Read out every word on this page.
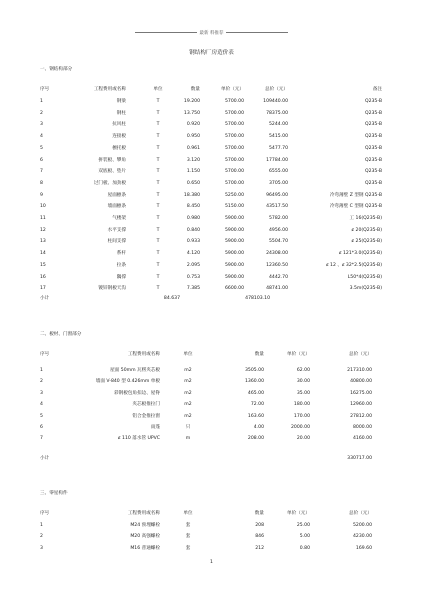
最新 料推荐
钢结构厂房造价表
一、钢结构部分
序号	工程费用或名称	单位	数量	单价（元）	总价（元）	备注
1	钢梁	T	19.200	5700.00	109440.00	Q235-B
2	钢柱	T	13.750	5700.00	78375.00	Q235-B
3	抗风柱	T	0.920	5700.00	5244.00	Q235-B
4	连接板	T	0.950	5700.00	5415.00	Q235-B
5	檩托板	T	0.961	5700.00	5477.70	Q235-B
6	拼装板、攀角	T	3.120	5700.00	17784.00	Q235-B
7	双底板、垫片	T	1.150	5700.00	6555.00	Q235-B
8	过门板、加劲板	T	0.650	5700.00	3705.00	Q235-B
9	屋面檩条	T	18.380	5250.00	96495.00	冷弯薄壁 Z 型钢 Q235-B
10	墙面檩条	T	8.450	5150.00	43517.50	冷弯薄壁 C 型钢 Q235-B
11	气楼架	T	0.980	5900.00	5782.00	工 16(Q235-B)
12	水平支撑	T	0.840	5900.00	4956.00	ȼ 20(Q235-B)
13	柱间支撑	T	0.933	5900.00	5504.70	ȼ 25(Q235-B)
14	系杆	T	4.120	5900.00	24308.00	ȼ 121*3.0(Q235-B)
15	拉条	T	2.095	5900.00	12360.50	ȼ 12 、ȼ 32*2.5(Q235-B)
16	隅撑	T	0.753	5900.00	4442.70	L50*4(Q235-B)
17	镀锌钢板天沟	T	7.385	6600.00	48741.00	3.5m(Q235-B)
小计	84.637	478103.10
二、板材、门窗部分
序号	工程费用或名称	单位	数量	单价（元）	总价（元）
1	屋面 50mm 瓦楞夹芯板	m2	3505.00	62.00	217310.00
2	墙面 V-840 型 0.426mm 单板	m2	1360.00	30.00	40800.00
3	彩钢板包角扣边、屋脊	m2	465.00	35.00	16275.00
4	夹芯板推拉门	m2	72.00	180.00	12960.00
5	铝合金推拉窗	m2	163.60	170.00	27812.00
6	雨蓬	只	4.00	2000.00	8000.00
7	ȼ 110 落水管 UPVC	m	208.00	20.00	4160.00
小计	330717.00
三、零星构件
序号	工程费用或名称	单位	数量	单价（元）	总价（元）
1	M24 预埋螺栓	套	208	25.00	5200.00
2	M20 高强螺栓	套	846	5.00	4230.00
3	M16 普通螺栓	套	212	0.80	169.60
1
